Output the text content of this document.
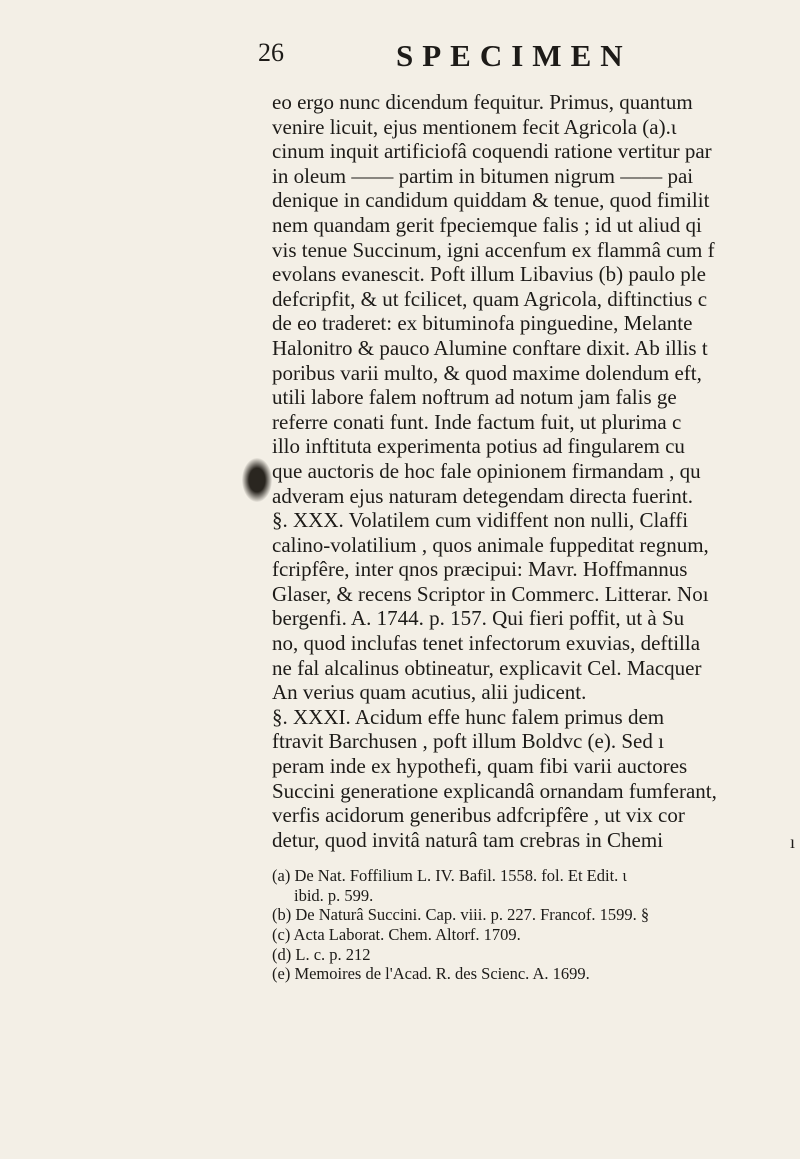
26	SPECIMEN
eo ergo nunc dicendum fequitur. Primus, quantum
venire licuit, ejus mentionem fecit Agricola (a).ι
cinum inquit artificiofâ coquendi ratione vertitur par
in oleum —— partim in bitumen nigrum —— pai
denique in candidum quiddam & tenue, quod fimilit
nem quandam gerit fpeciemque falis ; id ut aliud qi
vis tenue Succinum, igni accenfum ex flammâ cum f
evolans evanescit. Poft illum Libavius (b) paulo ple
defcripfit, & ut fcilicet, quam Agricola, diftinctius c
de eo traderet: ex bituminofa pinguedine, Melante
Halonitro & pauco Alumine conftare dixit. Ab illis t
poribus varii multo, & quod maxime dolendum eft,
utili labore falem noftrum ad notum jam falis ge
referre conati funt. Inde factum fuit, ut plurima c
illo inftituta experimenta potius ad fingularem cu
que auctoris de hoc fale opinionem firmandam , qu
adveram ejus naturam detegendam directa fuerint.
§. XXX. Volatilem cum vidiffent non nulli, Claffi
calino-volatilium , quos animale fuppeditat regnum,
fcripfêre, inter qnos præcipui: Mavr. Hoffmannus
Glaser, & recens Scriptor in Commerc. Litterar. Noı
bergenfi. A. 1744. p. 157. Qui fieri poffit, ut à Su
no, quod inclufas tenet infectorum exuvias, deftilla
ne fal alcalinus obtineatur, explicavit Cel. Macquer
An verius quam acutius, alii judicent.
§. XXXI. Acidum effe hunc falem primus dem
ftravit Barchusen , poft illum Boldvc (e). Sed ı
peram inde ex hypothefi, quam fibi varii auctores
Succini generatione explicandâ ornandam fumferant,
verfis acidorum generibus adfcripfêre , ut vix cor
detur, quod invitâ naturâ tam crebras in Chemi	ı
(a) De Nat. Foffilium L. IV. Bafil. 1558. fol. Et Edit. ι
ibid. p. 599.
(b) De Naturâ Succini. Cap. viii. p. 227. Francof. 1599. §
(c) Acta Laborat. Chem. Altorf. 1709.
(d) L. c. p. 212
(e) Memoires de l'Acad. R. des Scienc. A. 1699.
